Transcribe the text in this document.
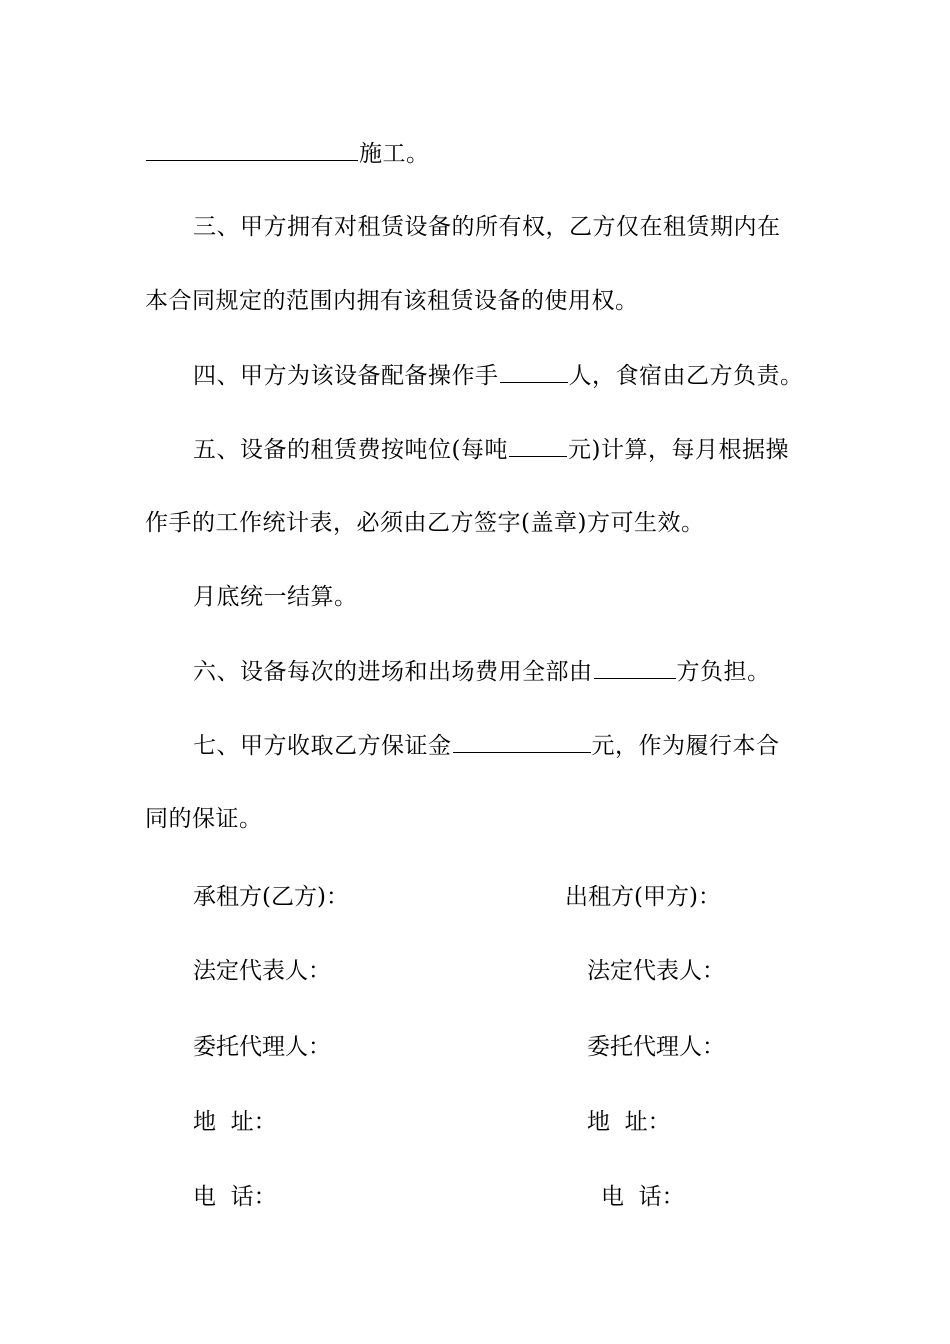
施工。
三、甲方拥有对租赁设备的所有权，乙方仅在租赁期内在
本合同规定的范围内拥有该租赁设备的使用权。
四、甲方为该设备配备操作手	人，食宿由乙方负责。
五、设备的租赁费按吨位(每吨	元)计算，每月根据操
作手的工作统计表，必须由乙方签字(盖章)方可生效。
月底统一结算。
六、设备每次的进场和出场费用全部由	方负担。
七、甲方收取乙方保证金	元，作为履行本合
同的保证。
承租方(乙方)：	出租方(甲方)：
法定代表人：	法定代表人：
委托代理人：	委托代理人：
地  址：	地  址：
电  话：	电  话：
